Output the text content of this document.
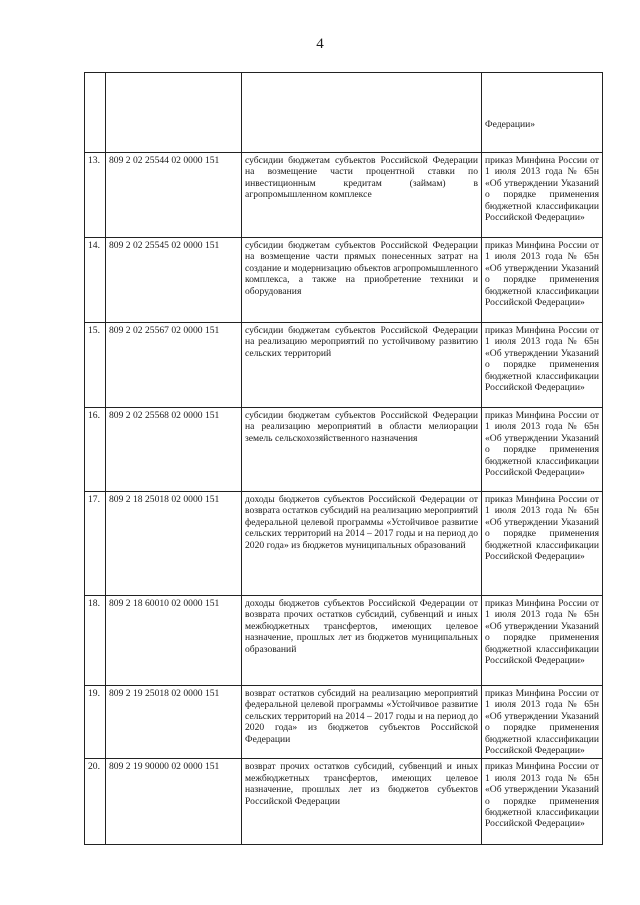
4
			Федерации»
13.	809 2 02 25544 02 0000 151	субсидии бюджетам субъектов Российской Федерации на возмещение части процентной ставки по инвестиционным кредитам (займам) в агропромышленном комплексе	приказ Минфина России от 1 июля 2013 года № 65н «Об утверждении Указаний о порядке применения бюджетной классификации Российской Федерации»
14.	809 2 02 25545 02 0000 151	субсидии бюджетам субъектов Российской Федерации на возмещение части прямых понесенных затрат на создание и модернизацию объектов агропромышленного комплекса, а также на приобретение техники и оборудования	приказ Минфина России от 1 июля 2013 года № 65н «Об утверждении Указаний о порядке применения бюджетной классификации Российской Федерации»
15.	809 2 02 25567 02 0000 151	субсидии бюджетам субъектов Российской Федерации на реализацию мероприятий по устойчивому развитию сельских территорий	приказ Минфина России от 1 июля 2013 года № 65н «Об утверждении Указаний о порядке применения бюджетной классификации Российской Федерации»
16.	809 2 02 25568 02 0000 151	субсидии бюджетам субъектов Российской Федерации на реализацию мероприятий в области мелиорации земель сельскохозяйственного назначения	приказ Минфина России от 1 июля 2013 года № 65н «Об утверждении Указаний о порядке применения бюджетной классификации Российской Федерации»
17.	809 2 18 25018 02 0000 151	доходы бюджетов субъектов Российской Федерации от возврата остатков субсидий на реализацию мероприятий федеральной целевой программы «Устойчивое развитие сельских территорий на 2014 – 2017 годы и на период до 2020 года» из бюджетов муниципальных образований	приказ Минфина России от 1 июля 2013 года № 65н «Об утверждении Указаний о порядке применения бюджетной классификации Российской Федерации»
18.	809 2 18 60010 02 0000 151	доходы бюджетов субъектов Российской Федерации от возврата прочих остатков субсидий, субвенций и иных межбюджетных трансфертов, имеющих целевое назначение, прошлых лет из бюджетов муниципальных образований	приказ Минфина России от 1 июля 2013 года № 65н «Об утверждении Указаний о порядке применения бюджетной классификации Российской Федерации»
19.	809 2 19 25018 02 0000 151	возврат остатков субсидий на реализацию мероприятий федеральной целевой программы «Устойчивое развитие сельских территорий на 2014 – 2017 годы и на период до 2020 года» из бюджетов субъектов Российской Федерации	приказ Минфина России от 1 июля 2013 года № 65н «Об утверждении Указаний о порядке применения бюджетной классификации Российской Федерации»
20.	809 2 19 90000 02 0000 151	возврат прочих остатков субсидий, субвенций и иных межбюджетных трансфертов, имеющих целевое назначение, прошлых лет из бюджетов субъектов Российской Федерации	приказ Минфина России от 1 июля 2013 года № 65н «Об утверждении Указаний о порядке применения бюджетной классификации Российской Федерации»
